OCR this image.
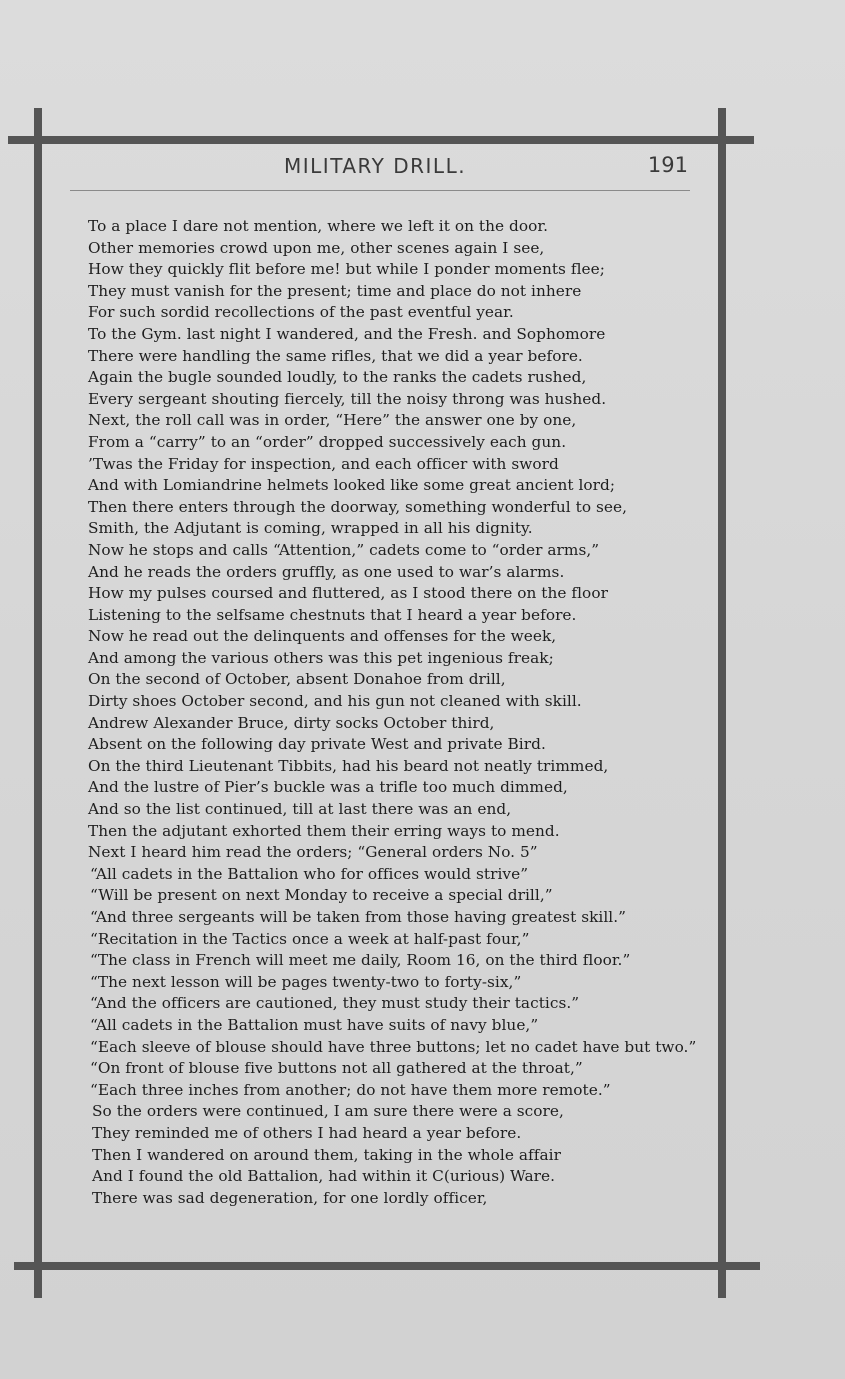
MILITARY DRILL.	191
To a place I dare not mention, where we left it on the door.
Other memories crowd upon me, other scenes again I see,
How they quickly flit before me! but while I ponder moments flee;
They must vanish for the present; time and place do not inhere
For such sordid recollections of the past eventful year.
To the Gym. last night I wandered, and the Fresh. and Sophomore
There were handling the same rifles, that we did a year before.
Again the bugle sounded loudly, to the ranks the cadets rushed,
Every sergeant shouting fiercely, till the noisy throng was hushed.
Next, the roll call was in order, “Here” the answer one by one,
From a “carry” to an “order” dropped successively each gun.
’Twas the Friday for inspection, and each officer with sword
And with Lomiandrine helmets looked like some great ancient lord;
Then there enters through the doorway, something wonderful to see,
Smith, the Adjutant is coming, wrapped in all his dignity.
Now he stops and calls “Attention,” cadets come to “order arms,”
And he reads the orders gruffly, as one used to war’s alarms.
How my pulses coursed and fluttered, as I stood there on the floor
Listening to the selfsame chestnuts that I heard a year before.
Now he read out the delinquents and offenses for the week,
And among the various others was this pet ingenious freak;
On the second of October, absent Donahoe from drill,
Dirty shoes October second, and his gun not cleaned with skill.
Andrew Alexander Bruce, dirty socks October third,
Absent on the following day private West and private Bird.
On the third Lieutenant Tibbits, had his beard not neatly trimmed,
And the lustre of Pier’s buckle was a trifle too much dimmed,
And so the list continued, till at last there was an end,
Then the adjutant exhorted them their erring ways to mend.
Next I heard him read the orders; “General orders No. 5”
“All cadets in the Battalion who for offices would strive”
“Will be present on next Monday to receive a special drill,”
“And three sergeants will be taken from those having greatest skill.”
“Recitation in the Tactics once a week at half-past four,”
“The class in French will meet me daily, Room 16, on the third floor.”
“The next lesson will be pages twenty-two to forty-six,”
“And the officers are cautioned, they must study their tactics.”
“All cadets in the Battalion must have suits of navy blue,”
“Each sleeve of blouse should have three buttons; let no cadet have but two.”
“On front of blouse five buttons not all gathered at the throat,”
“Each three inches from another; do not have them more remote.”
So the orders were continued, I am sure there were a score,
They reminded me of others I had heard a year before.
Then I wandered on around them, taking in the whole affair
And I found the old Battalion, had within it C(urious) Ware.
There was sad degeneration, for one lordly officer,
